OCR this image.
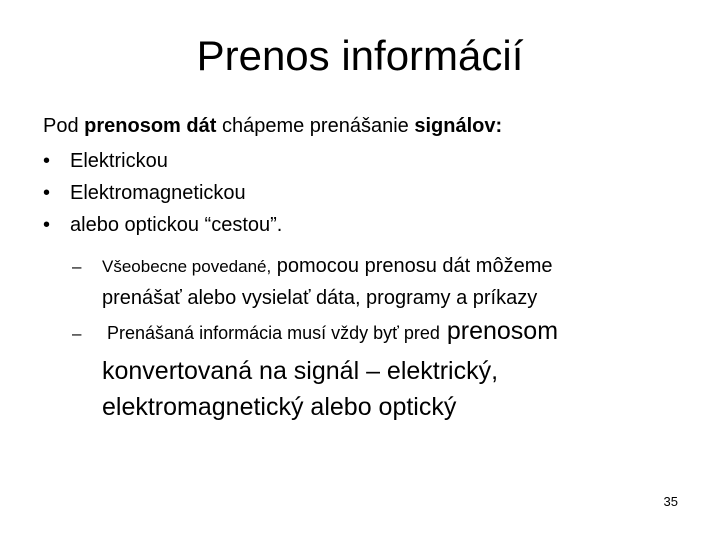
Prenos informácií
Pod prenosom dát chápeme prenášanie signálov:
• Elektrickou
• Elektromagnetickou
• alebo optickou “cestou”.
– Všeobecne povedané, pomocou prenosu dát môžeme
prenášať alebo vysielať dáta, programy a príkazy
– Prenášaná informácia musí vždy byť pred prenosom
konvertovaná na signál – elektrický,
elektromagnetický alebo optický
35
